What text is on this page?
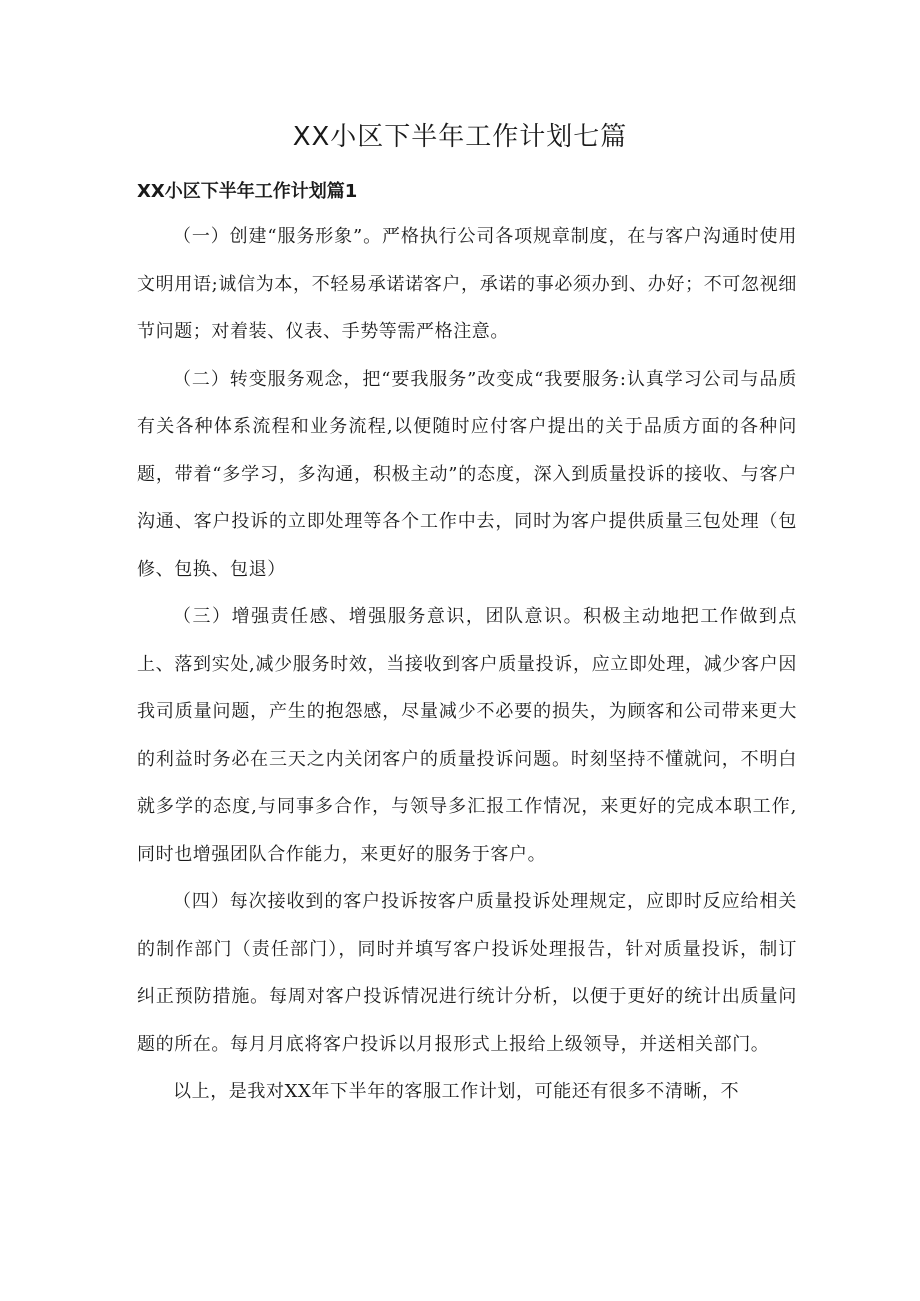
XX小区下半年工作计划七篇
XX小区下半年工作计划篇1

（一）创建“服务形象”。严格执行公司各项规章制度，在与客户沟通时使用文明用语;诚信为本，不轻易承诺诺客户，承诺的事必须办到、办好；不可忽视细节问题；对着装、仪表、手势等需严格注意。

（二）转变服务观念，把“要我服务”改变成“我要服务:认真学习公司与品质有关各种体系流程和业务流程,以便随时应付客户提出的关于品质方面的各种问题，带着“多学习，多沟通，积极主动”的态度，深入到质量投诉的接收、与客户沟通、客户投诉的立即处理等各个工作中去，同时为客户提供质量三包处理（包修、包换、包退）

（三）增强责任感、增强服务意识，团队意识。积极主动地把工作做到点上、落到实处,减少服务时效，当接收到客户质量投诉，应立即处理，减少客户因我司质量问题，产生的抱怨感，尽量减少不必要的损失，为顾客和公司带来更大的利益时务必在三天之内关闭客户的质量投诉问题。时刻坚持不懂就问，不明白就多学的态度,与同事多合作，与领导多汇报工作情况，来更好的完成本职工作,同时也增强团队合作能力，来更好的服务于客户。

（四）每次接收到的客户投诉按客户质量投诉处理规定，应即时反应给相关的制作部门（责任部门），同时并填写客户投诉处理报告，针对质量投诉，制订纠正预防措施。每周对客户投诉情况进行统计分析，以便于更好的统计出质量问题的所在。每月月底将客户投诉以月报形式上报给上级领导，并送相关部门。

以上，是我对XX年下半年的客服工作计划，可能还有很多不清晰，不
